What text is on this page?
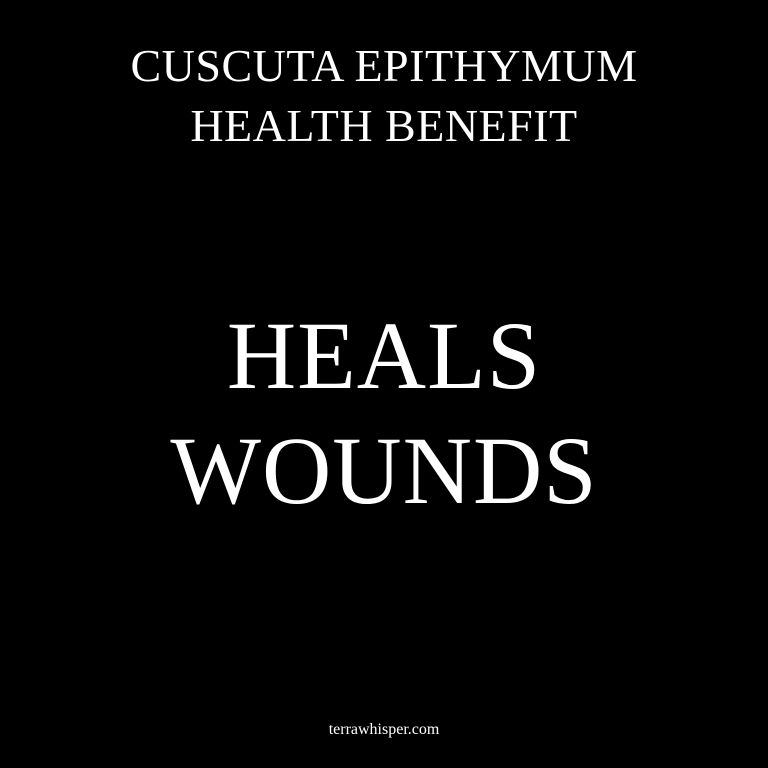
CUSCUTA EPITHYMUM
HEALTH BENEFIT
HEALS
WOUNDS
terrawhisper.com
